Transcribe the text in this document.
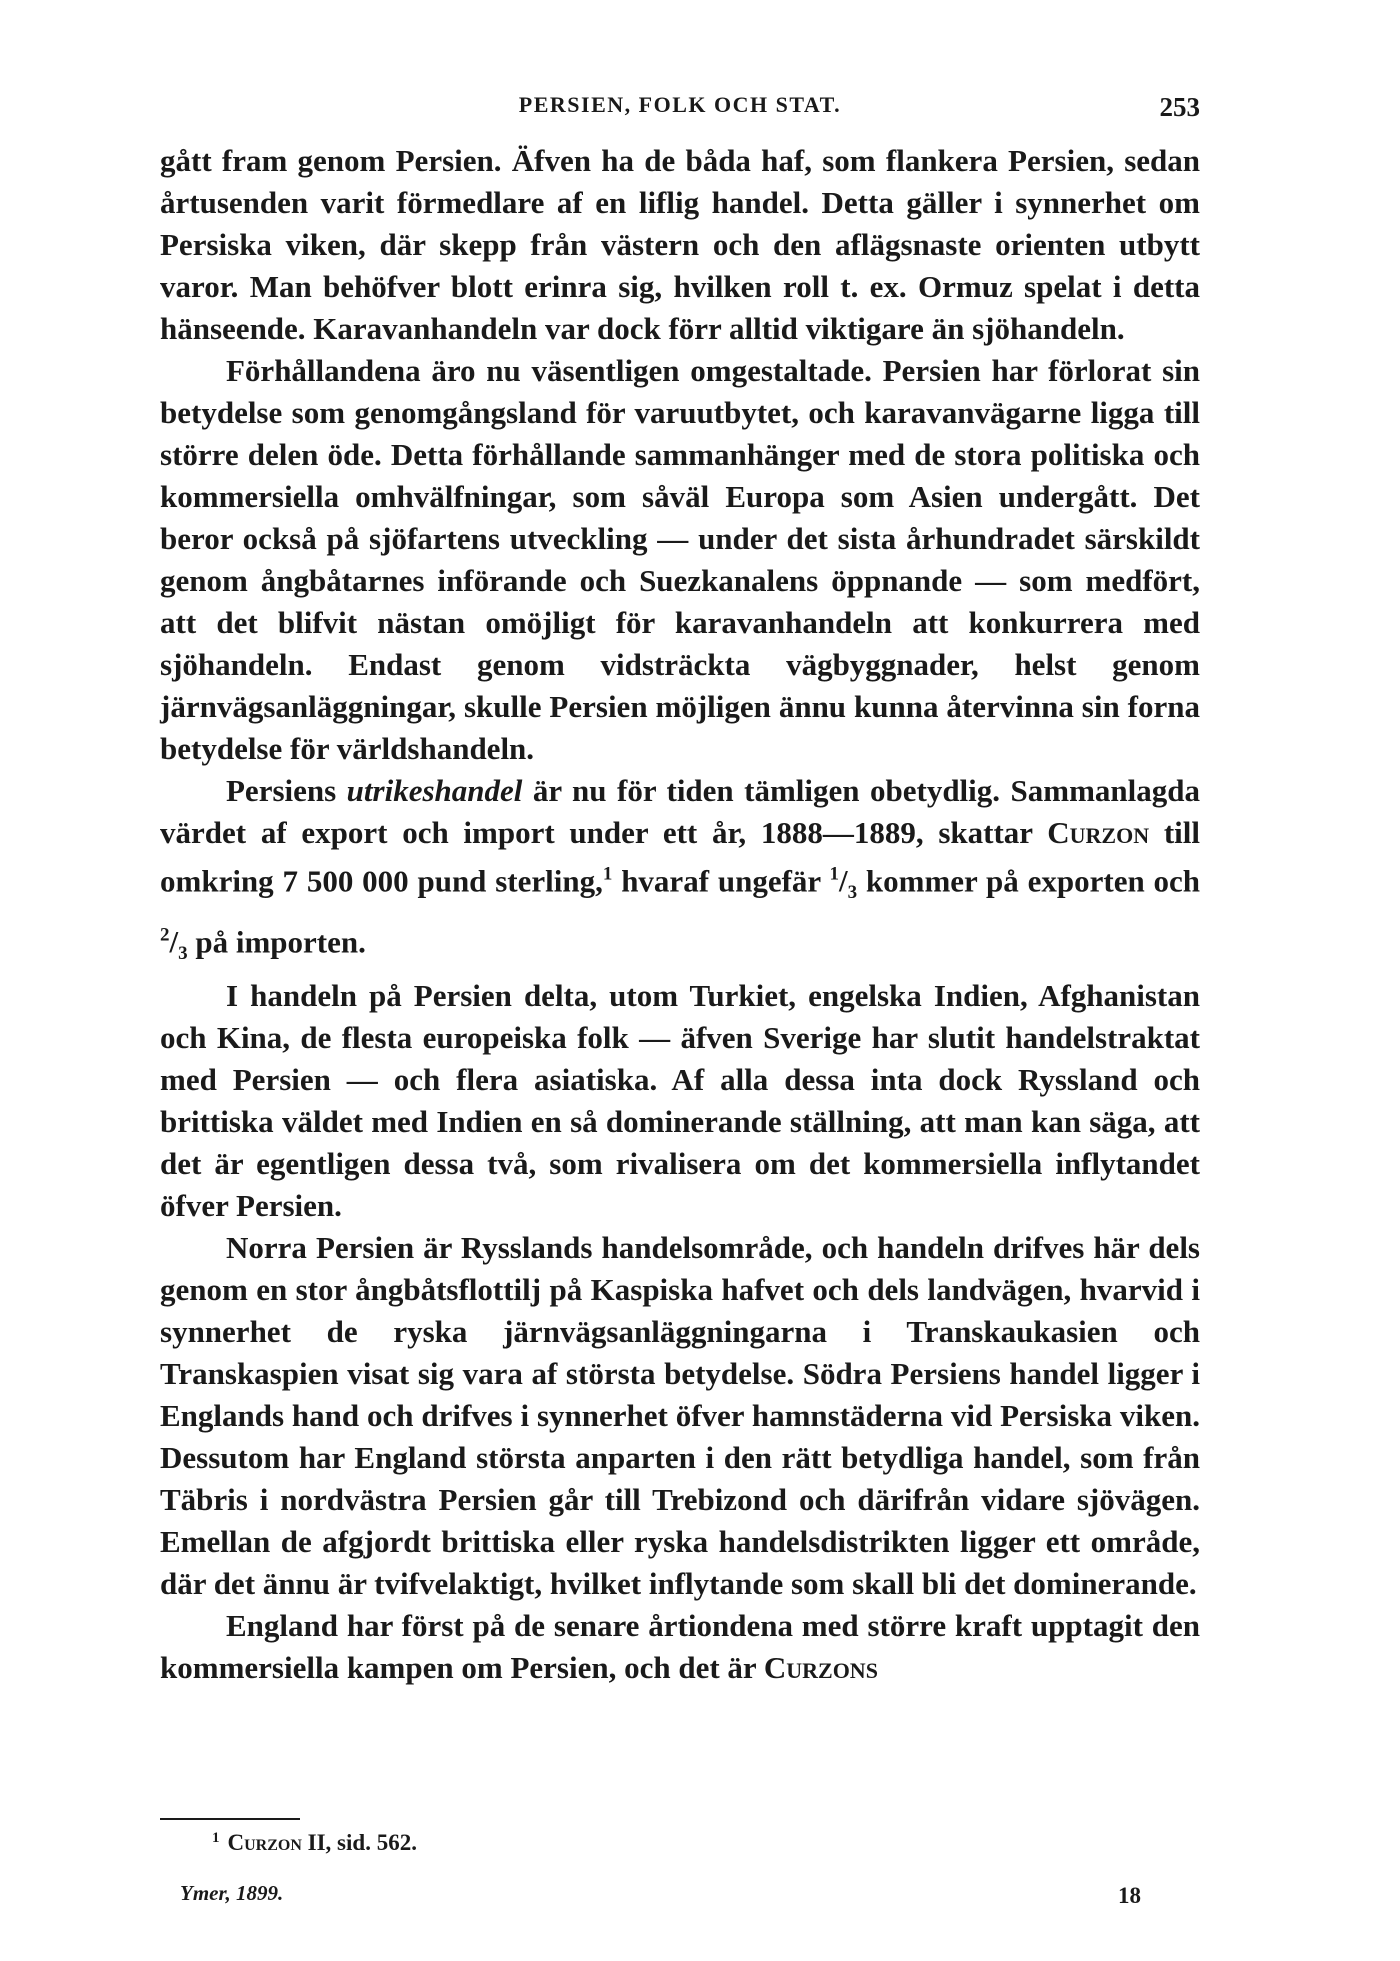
PERSIEN, FOLK OCH STAT.	253

gått fram genom Persien. Äfven ha de båda haf, som flankera Persien, sedan årtusenden varit förmedlare af en liflig handel. Detta gäller i synnerhet om Persiska viken, där skepp från västern och den aflägsnaste orienten utbytt varor. Man behöfver blott erinra sig, hvilken roll t. ex. Ormuz spelat i detta hänseende. Karavanhandeln var dock förr alltid viktigare än sjöhandeln.

Förhållandena äro nu väsentligen omgestaltade. Persien har förlorat sin betydelse som genomgångsland för varuutbytet, och karavanvägarne ligga till större delen öde. Detta förhållande sammanhänger med de stora politiska och kommersiella omhvälfningar, som såväl Europa som Asien undergått. Det beror också på sjöfartens utveckling — under det sista århundradet särskildt genom ångbåtarnes införande och Suezkanalens öppnande — som medfört, att det blifvit nästan omöjligt för karavanhandeln att konkurrera med sjöhandeln. Endast genom vidsträckta vägbyggnader, helst genom järnvägsanläggningar, skulle Persien möjligen ännu kunna återvinna sin forna betydelse för världshandeln.

Persiens utrikeshandel är nu för tiden tämligen obetydlig. Sammanlagda värdet af export och import under ett år, 1888—1889, skattar Curzon till omkring 7 500 000 pund sterling,$^1$ hvaraf ungefär $^1/_3$ kommer på exporten och $^2/_3$ på importen.

I handeln på Persien delta, utom Turkiet, engelska Indien, Afghanistan och Kina, de flesta europeiska folk — äfven Sverige har slutit handelstraktat med Persien — och flera asiatiska. Af alla dessa inta dock Ryssland och brittiska väldet med Indien en så dominerande ställning, att man kan säga, att det är egentligen dessa två, som rivalisera om det kommersiella inflytandet öfver Persien.

Norra Persien är Rysslands handelsområde, och handeln drifves här dels genom en stor ångbåtsflottilj på Kaspiska hafvet och dels landvägen, hvarvid i synnerhet de ryska järnvägsanläggningarna i Transkaukasien och Transkaspien visat sig vara af största betydelse. Södra Persiens handel ligger i Englands hand och drifves i synnerhet öfver hamnstäderna vid Persiska viken. Dessutom har England största anparten i den rätt betydliga handel, som från Täbris i nordvästra Persien går till Trebizond och därifrån vidare sjövägen. Emellan de afgjordt brittiska eller ryska handelsdistrikten ligger ett område, där det ännu är tvifvelaktigt, hvilket inflytande som skall bli det dominerande.

England har först på de senare årtiondena med större kraft upptagit den kommersiella kampen om Persien, och det är Curzons

$^1$ Curzon II, sid. 562.
Ymer, 1899.	18
